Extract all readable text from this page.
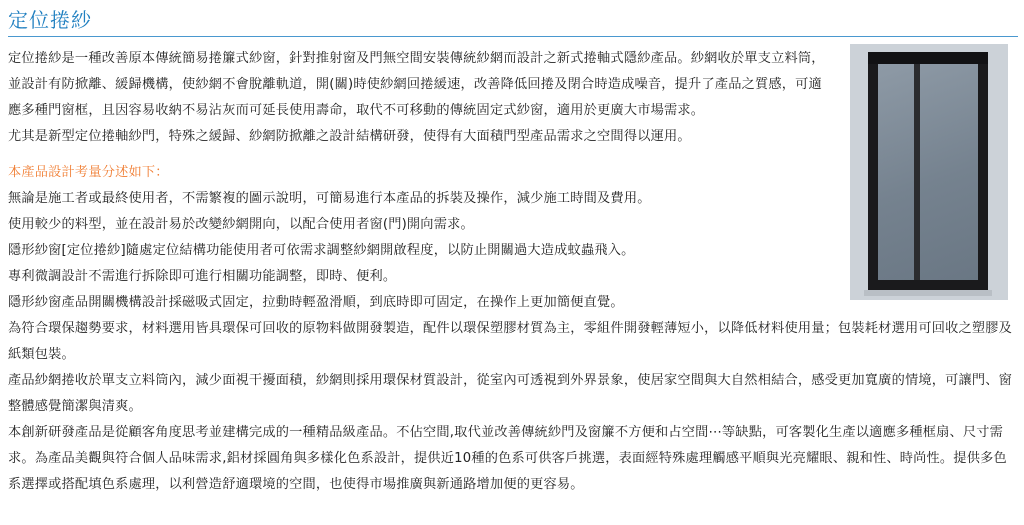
定位捲紗

定位捲紗是一種改善原本傳統簡易捲簾式紗窗，針對推射窗及門無空間安裝傳統紗網而設計之新式捲軸式隱紗產品。紗網收於單支立料筒，並設計有防掀離、緩歸機構，使紗網不會脫離軌道，開(關)時使紗網回捲緩速，改善降低回捲及閉合時造成噪音，提升了產品之質感，可適應多種門窗框，且因容易收納不易沾灰而可延長使用壽命，取代不可移動的傳統固定式紗窗，適用於更廣大市場需求。

尤其是新型定位捲軸紗門，特殊之緩歸、紗網防掀離之設計結構研發，使得有大面積門型產品需求之空間得以運用。

本產品設計考量分述如下：

無論是施工者或最終使用者，不需繁複的圖示說明，可簡易進行本產品的拆裝及操作，減少施工時間及費用。

使用較少的料型，並在設計易於改變紗網開向，以配合使用者窗(門)開向需求。

隱形紗窗[定位捲紗]隨處定位結構功能使用者可依需求調整紗網開啟程度，以防止開關過大造成蚊蟲飛入。

專利微調設計不需進行拆除即可進行相關功能調整，即時、便利。

隱形紗窗產品開關機構設計採磁吸式固定，拉動時輕盈滑順，到底時即可固定，在操作上更加簡便直覺。

為符合環保趨勢要求，材料選用皆具環保可回收的原物料做開發製造，配件以環保塑膠材質為主，零組件開發輕薄短小，以降低材料使用量；包裝耗材選用可回收之塑膠及紙類包裝。

產品紗網捲收於單支立料筒內，減少面視干擾面積，紗網則採用環保材質設計，從室內可透視到外界景象，使居家空間與大自然相結合，感受更加寬廣的情境，可讓門、窗整體感覺簡潔與清爽。

本創新研發產品是從顧客角度思考並建構完成的一種精品級產品。不佔空間,取代並改善傳統紗門及窗簾不方便和占空間⋯等缺點，可客製化生產以適應多種框扇、尺寸需求。為產品美觀與符合個人品味需求,鋁材採圓角與多樣化色系設計，提供近10種的色系可供客戶挑選，表面經特殊處理觸感平順與光亮耀眼、親和性、時尚性。提供多色系選擇或搭配填色系處理，以利營造舒適環境的空間，也使得市場推廣與新通路增加便的更容易。
